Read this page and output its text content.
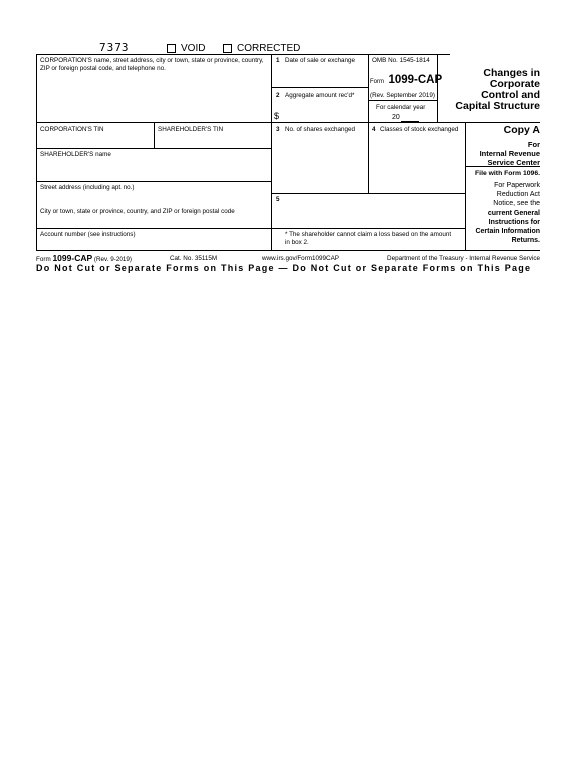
7373	VOID	CORRECTED
CORPORATION'S name, street address, city or town, state or province, country, ZIP or foreign postal code, and telephone no.
1 Date of sale or exchange	OMB No. 1545-1814
Form 1099-CAP
(Rev. September 2019)
For calendar year
20
Changes in
Corporate
Control and
Capital Structure
2 Aggregate amount rec'd*
$
CORPORATION'S TIN	SHAREHOLDER'S TIN	3 No. of shares exchanged	4 Classes of stock exchanged	Copy A
For
Internal Revenue
Service Center
File with Form 1096.
For Paperwork
Reduction Act
Notice, see the
current General
Instructions for
Certain Information
Returns.
SHAREHOLDER'S name
Street address (including apt. no.)
City or town, state or province, country, and ZIP or foreign postal code
5
Account number (see instructions)	* The shareholder cannot claim a loss based on the amount in box 2.
Form 1099-CAP (Rev. 9-2019)	Cat. No. 35115M	www.irs.gov/Form1099CAP	Department of the Treasury - Internal Revenue Service
Do Not Cut or Separate Forms on This Page — Do Not Cut or Separate Forms on This Page
